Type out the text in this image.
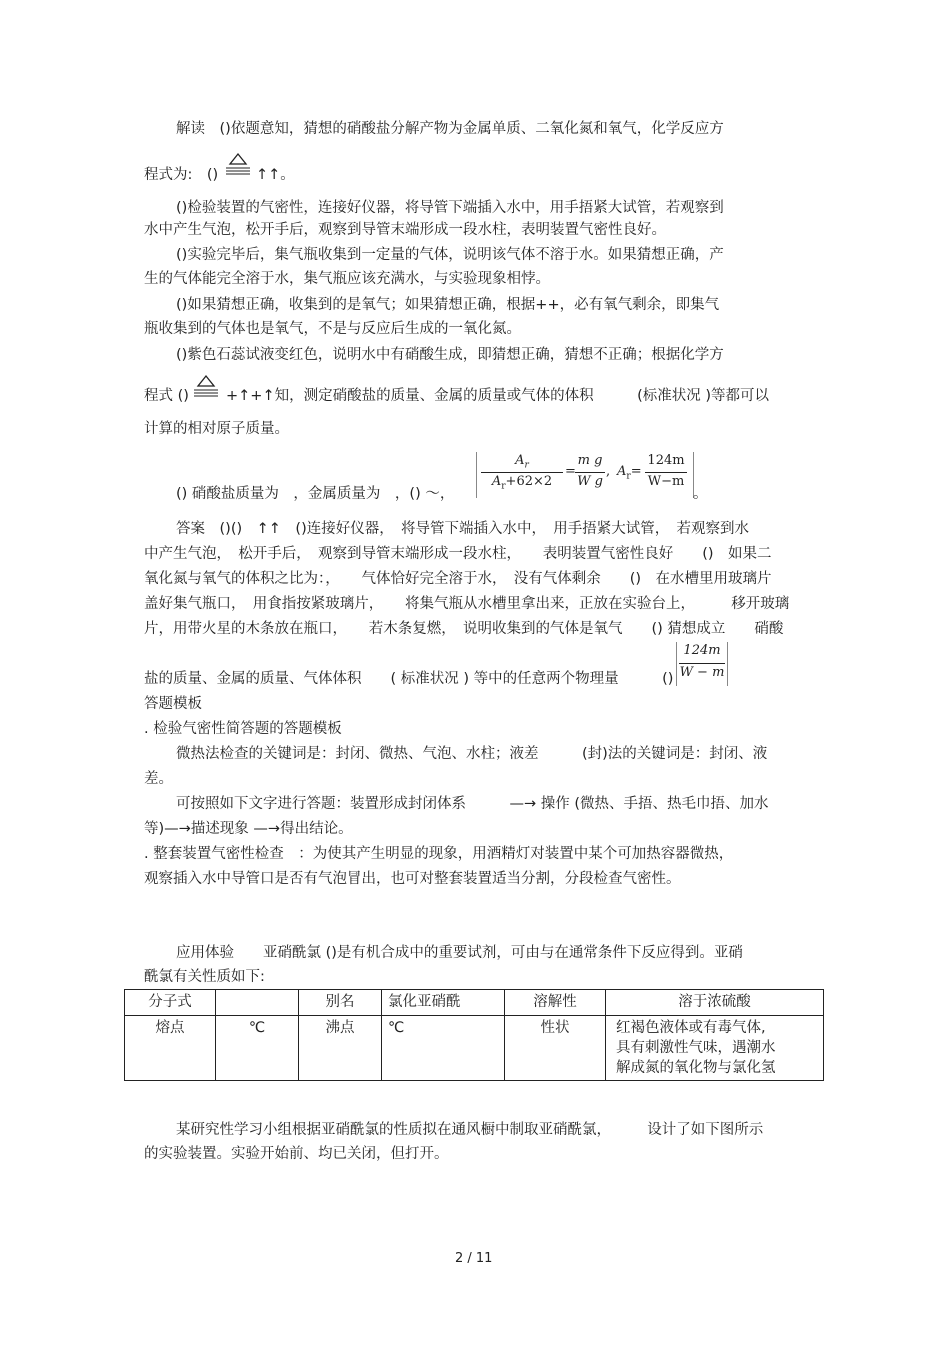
解读　()依题意知，猜想的硝酸盐分解产物为金属单质、二氧化氮和氧气，化学反应方
程式为:　()	↑↑。
()检验装置的气密性，连接好仪器，将导管下端插入水中，用手捂紧大试管，若观察到
水中产生气泡，松开手后，观察到导管末端形成一段水柱，表明装置气密性良好。
()实验完毕后，集气瓶收集到一定量的气体，说明该气体不溶于水。如果猜想正确，产
生的气体能完全溶于水，集气瓶应该充满水，与实验现象相悖。
()如果猜想正确，收集到的是氧气；如果猜想正确，根据++，必有氧气剩余，即集气
瓶收集到的气体也是氧气，不是与反应后生成的一氧化氮。
()紫色石蕊试液变红色，说明水中有硝酸生成，即猜想正确，猜想不正确；根据化学方
程式 ()	+↑+↑知，测定硝酸盐的质量、金属的质量或气体的体积　　　(标准状况 )等都可以
计算的相对原子质量。
() 硝酸盐质量为　，金属质量为　，() ～，
$A_r$
$A_r+62\times 2$
=
m g
W g
, $A_r=$
124m
W−m
。
答案　()()　↑↑　()连接好仪器，　将导管下端插入水中，　用手捂紧大试管，　若观察到水
中产生气泡，　松开手后，　观察到导管末端形成一段水柱，　　表明装置气密性良好　　()　如果二
氧化氮与氧气的体积之比为：，　　气体恰好完全溶于水，　没有气体剩余　　()　在水槽里用玻璃片
盖好集气瓶口，　用食指按紧玻璃片，　　将集气瓶从水槽里拿出来，正放在实验台上，　　　移开玻璃
片，用带火星的木条放在瓶口，　　若木条复燃，　说明收集到的气体是氧气　　() 猜想成立　　硝酸
盐的质量、金属的质量、气体体积　　( 标准状况 ) 等中的任意两个物理量　　　()
124m
W − m
答题模板
. 检验气密性简答题的答题模板
微热法检查的关键词是：封闭、微热、气泡、水柱；液差　　　(封)法的关键词是：封闭、液
差。
可按照如下文字进行答题：装置形成封闭体系　　　—→ 操作 (微热、手捂、热毛巾捂、加水
等)—→描述现象 —→得出结论。
. 整套装置气密性检查　：为使其产生明显的现象，用酒精灯对装置中某个可加热容器微热，
观察插入水中导管口是否有气泡冒出，也可对整套装置适当分割，分段检查气密性。
应用体验　　亚硝酰氯 ()是有机合成中的重要试剂，可由与在通常条件下反应得到。亚硝
酰氯有关性质如下:
分子式		别名	氯化亚硝酰	溶解性	溶于浓硫酸
熔点	℃	沸点	℃	性状	红褐色液体或有毒气体,
具有刺激性气味，遇潮水
解成氮的氧化物与氯化氢
某研究性学习小组根据亚硝酰氯的性质拟在通风橱中制取亚硝酰氯，　　　设计了如下图所示
的实验装置。实验开始前、均已关闭，但打开。
2 / 11
